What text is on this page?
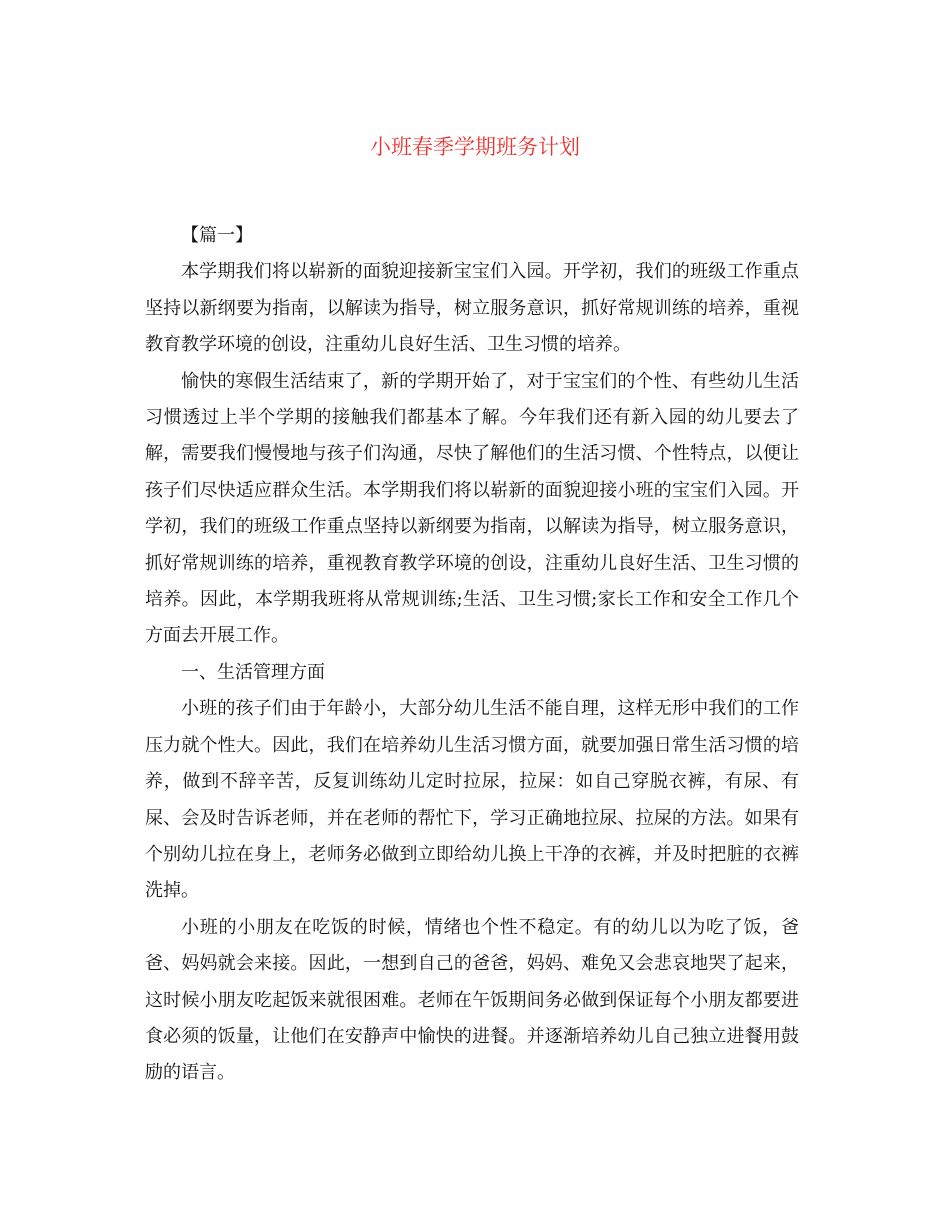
小班春季学期班务计划

【篇一】

本学期我们将以崭新的面貌迎接新宝宝们入园。开学初，我们的班级工作重点坚持以新纲要为指南，以解读为指导，树立服务意识，抓好常规训练的培养，重视教育教学环境的创设，注重幼儿良好生活、卫生习惯的培养。

愉快的寒假生活结束了，新的学期开始了，对于宝宝们的个性、有些幼儿生活习惯透过上半个学期的接触我们都基本了解。今年我们还有新入园的幼儿要去了解，需要我们慢慢地与孩子们沟通，尽快了解他们的生活习惯、个性特点，以便让孩子们尽快适应群众生活。本学期我们将以崭新的面貌迎接小班的宝宝们入园。开学初，我们的班级工作重点坚持以新纲要为指南，以解读为指导，树立服务意识，抓好常规训练的培养，重视教育教学环境的创设，注重幼儿良好生活、卫生习惯的培养。因此，本学期我班将从常规训练;生活、卫生习惯;家长工作和安全工作几个方面去开展工作。

一、生活管理方面

小班的孩子们由于年龄小，大部分幼儿生活不能自理，这样无形中我们的工作压力就个性大。因此，我们在培养幼儿生活习惯方面，就要加强日常生活习惯的培养，做到不辞辛苦，反复训练幼儿定时拉尿，拉屎：如自己穿脱衣裤，有尿、有屎、会及时告诉老师，并在老师的帮忙下，学习正确地拉尿、拉屎的方法。如果有个别幼儿拉在身上，老师务必做到立即给幼儿换上干净的衣裤，并及时把脏的衣裤洗掉。

小班的小朋友在吃饭的时候，情绪也个性不稳定。有的幼儿以为吃了饭，爸爸、妈妈就会来接。因此，一想到自己的爸爸，妈妈、难免又会悲哀地哭了起来，这时候小朋友吃起饭来就很困难。老师在午饭期间务必做到保证每个小朋友都要进食必须的饭量，让他们在安静声中愉快的进餐。并逐渐培养幼儿自己独立进餐用鼓励的语言。
